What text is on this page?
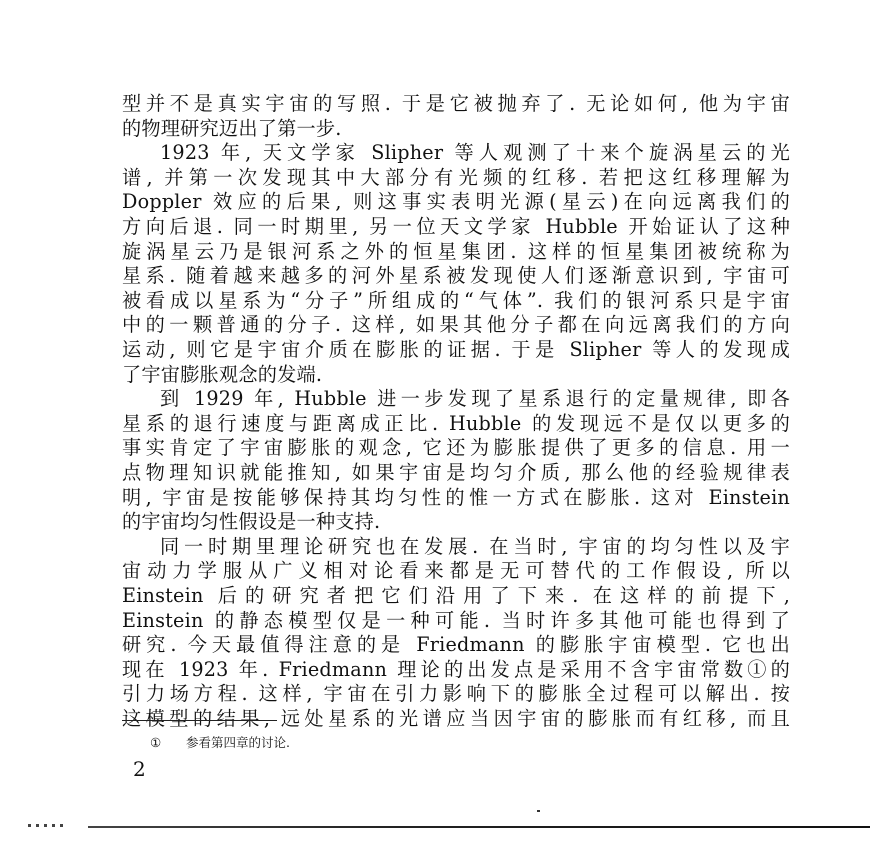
型并不是真实宇宙的写照. 于是它被抛弃了. 无论如何, 他为宇宙
的物理研究迈出了第一步.
1923 年, 天文学家 Slipher 等人观测了十来个旋涡星云的光
谱, 并第一次发现其中大部分有光频的红移. 若把这红移理解为
Doppler 效应的后果, 则这事实表明光源(星云)在向远离我们的
方向后退. 同一时期里, 另一位天文学家 Hubble 开始证认了这种
旋涡星云乃是银河系之外的恒星集团. 这样的恒星集团被统称为
星系. 随着越来越多的河外星系被发现使人们逐渐意识到, 宇宙可
被看成以星系为“分子”所组成的“气体”. 我们的银河系只是宇宙
中的一颗普通的分子. 这样, 如果其他分子都在向远离我们的方向
运动, 则它是宇宙介质在膨胀的证据. 于是 Slipher 等人的发现成
了宇宙膨胀观念的发端.
到 1929 年, Hubble 进一步发现了星系退行的定量规律, 即各
星系的退行速度与距离成正比. Hubble 的发现远不是仅以更多的
事实肯定了宇宙膨胀的观念, 它还为膨胀提供了更多的信息. 用一
点物理知识就能推知, 如果宇宙是均匀介质, 那么他的经验规律表
明, 宇宙是按能够保持其均匀性的惟一方式在膨胀. 这对 Einstein
的宇宙均匀性假设是一种支持.
同一时期里理论研究也在发展. 在当时, 宇宙的均匀性以及宇
宙动力学服从广义相对论看来都是无可替代的工作假设, 所以
Einstein 后的研究者把它们沿用了下来. 在这样的前提下,
Einstein 的静态模型仅是一种可能. 当时许多其他可能也得到了
研究. 今天最值得注意的是 Friedmann 的膨胀宇宙模型. 它也出
现在 1923 年. Friedmann 理论的出发点是采用不含宇宙常数①的
引力场方程. 这样, 宇宙在引力影响下的膨胀全过程可以解出. 按
这模型的结果, 远处星系的光谱应当因宇宙的膨胀而有红移, 而且
① 参看第四章的讨论.
2
